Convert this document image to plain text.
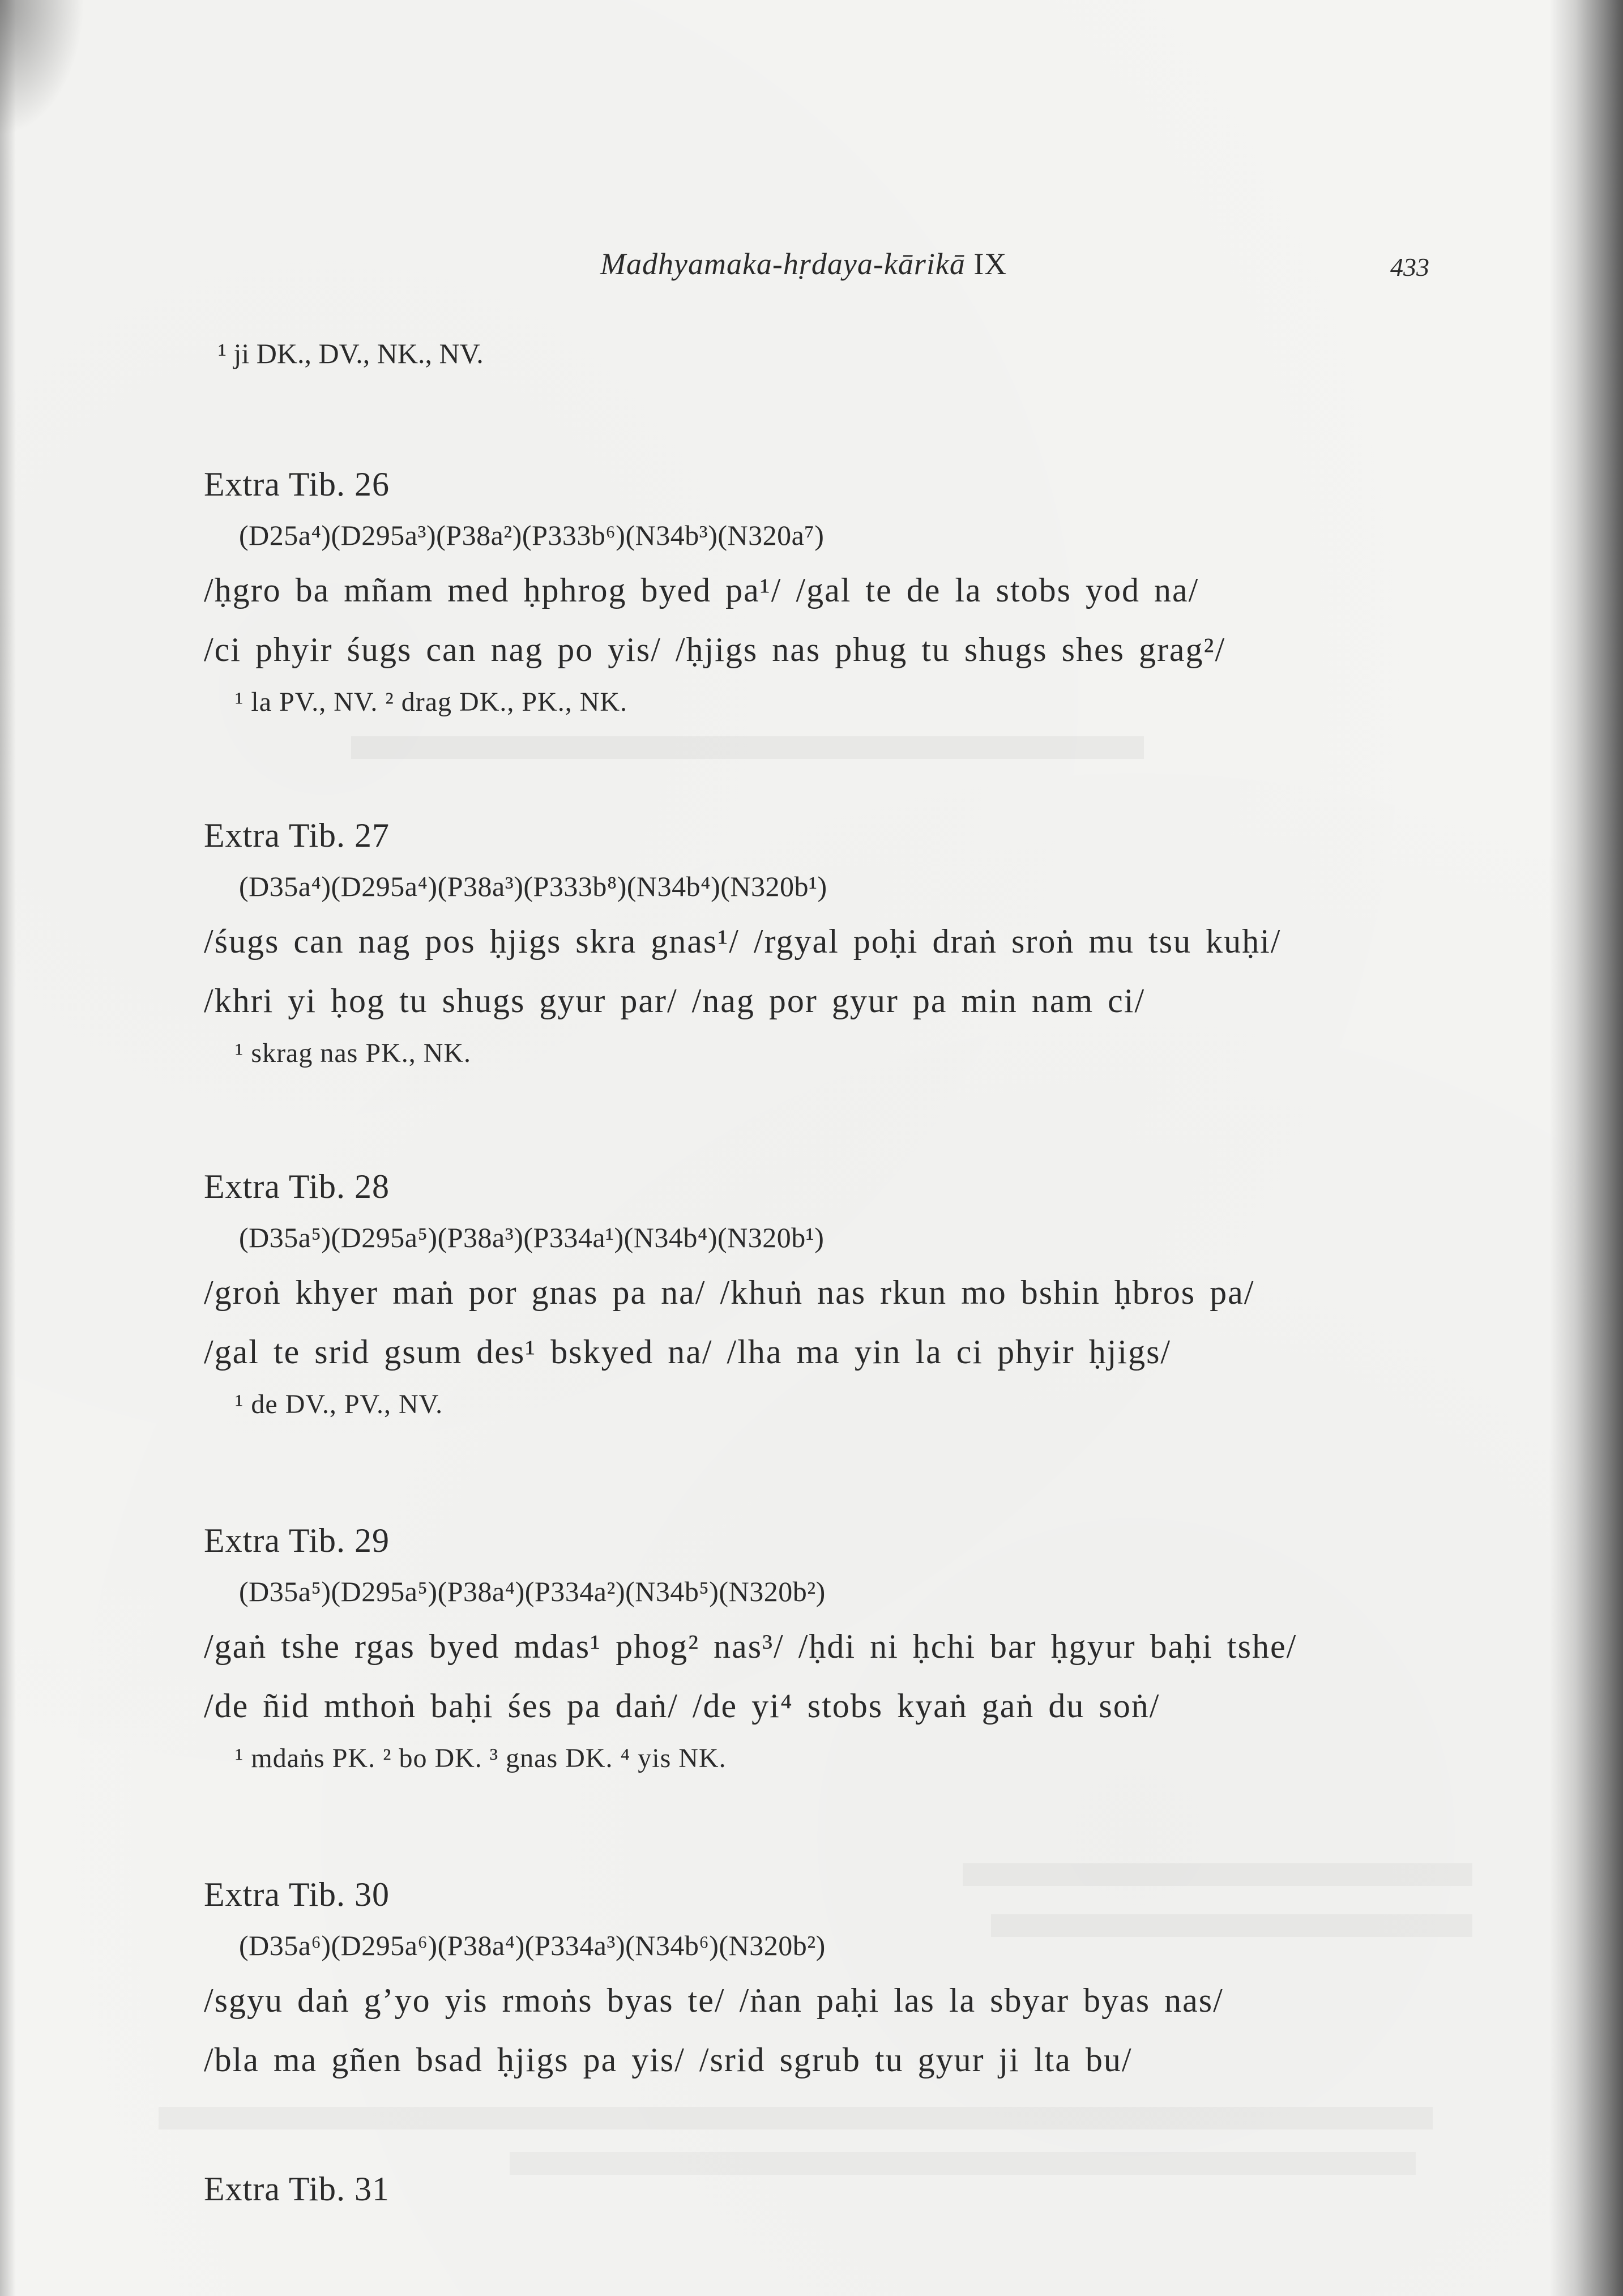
Madhyamaka-hṛdaya-kārikā IX	433
¹ ji DK., DV., NK., NV.
Extra Tib. 26
(D25a⁴)(D295a³)(P38a²)(P333b⁶)(N34b³)(N320a⁷)
/ḥgro ba mñam med ḥphrog byed pa¹/ /gal te de la stobs yod na/
/ci phyir śugs can nag po yis/ /ḥjigs nas phug tu shugs shes grag²/
¹ la PV., NV. ² drag DK., PK., NK.
Extra Tib. 27
(D35a⁴)(D295a⁴)(P38a³)(P333b⁸)(N34b⁴)(N320b¹)
/śugs can nag pos ḥjigs skra gnas¹/ /rgyal poḥi draṅ sroṅ mu tsu kuḥi/
/khri yi ḥog tu shugs gyur par/ /nag por gyur pa min nam ci/
¹ skrag nas PK., NK.
Extra Tib. 28
(D35a⁵)(D295a⁵)(P38a³)(P334a¹)(N34b⁴)(N320b¹)
/groṅ khyer maṅ por gnas pa na/ /khuṅ nas rkun mo bshin ḥbros pa/
/gal te srid gsum des¹ bskyed na/ /lha ma yin la ci phyir ḥjigs/
¹ de DV., PV., NV.
Extra Tib. 29
(D35a⁵)(D295a⁵)(P38a⁴)(P334a²)(N34b⁵)(N320b²)
/gaṅ tshe rgas byed mdas¹ phog² nas³/ /ḥdi ni ḥchi bar ḥgyur baḥi tshe/
/de ñid mthoṅ baḥi śes pa daṅ/ /de yi⁴ stobs kyaṅ gaṅ du soṅ/
¹ mdaṅs PK. ² bo DK. ³ gnas DK. ⁴ yis NK.
Extra Tib. 30
(D35a⁶)(D295a⁶)(P38a⁴)(P334a³)(N34b⁶)(N320b²)
/sgyu daṅ g’yo yis rmoṅs byas te/ /ṅan paḥi las la sbyar byas nas/
/bla ma gñen bsad ḥjigs pa yis/ /srid sgrub tu gyur ji lta bu/
Extra Tib. 31
